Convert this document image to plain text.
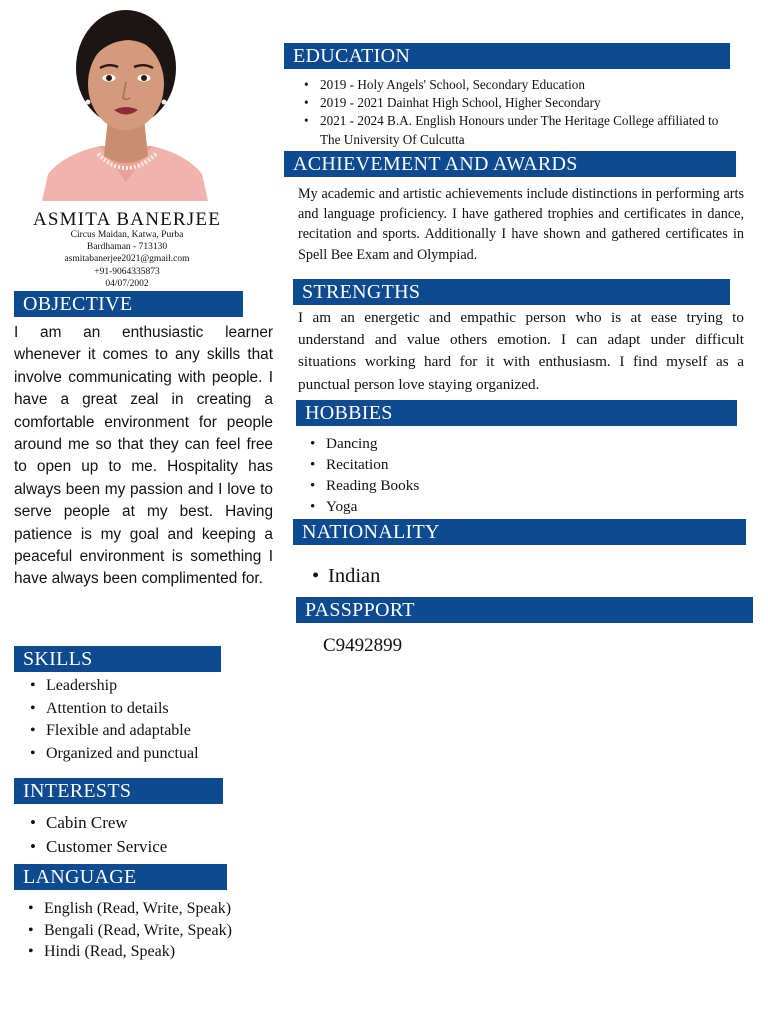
ASMITA BANERJEE
Circus Maidan, Katwa, Purba
Bardhaman - 713130
asmitabanerjee2021@gmail.com
+91-9064335873
04/07/2002
OBJECTIVE
I am an enthusiastic learner whenever it comes to any skills that involve communicating with people. I have a great zeal in creating a comfortable environment for people around me so that they can feel free to open up to me. Hospitality has always been my passion and I love to serve people at my best. Having patience is my goal and keeping a peaceful environment is something I have always been complimented for.
SKILLS
• Leadership
• Attention to details
• Flexible and adaptable
• Organized and punctual
INTERESTS
• Cabin Crew
• Customer Service
LANGUAGE
• English (Read, Write, Speak)
• Bengali (Read, Write, Speak)
• Hindi (Read, Speak)
EDUCATION
• 2019 - Holy Angels' School, Secondary Education
• 2019 - 2021 Dainhat High School, Higher Secondary
• 2021 - 2024 B.A. English Honours under The Heritage College affiliated to The University Of Culcutta
ACHIEVEMENT AND AWARDS
My academic and artistic achievements include distinctions in performing arts and language proficiency. I have gathered trophies and certificates in dance, recitation and sports. Additionally I have shown and gathered certificates in Spell Bee Exam and Olympiad.
STRENGTHS
I am an energetic and empathic person who is at ease trying to understand and value others emotion. I can adapt under difficult situations working hard for it with enthusiasm. I find myself as a punctual person love staying organized.
HOBBIES
• Dancing
• Recitation
• Reading Books
• Yoga
NATIONALITY
• Indian
PASSPPORT
C9492899
